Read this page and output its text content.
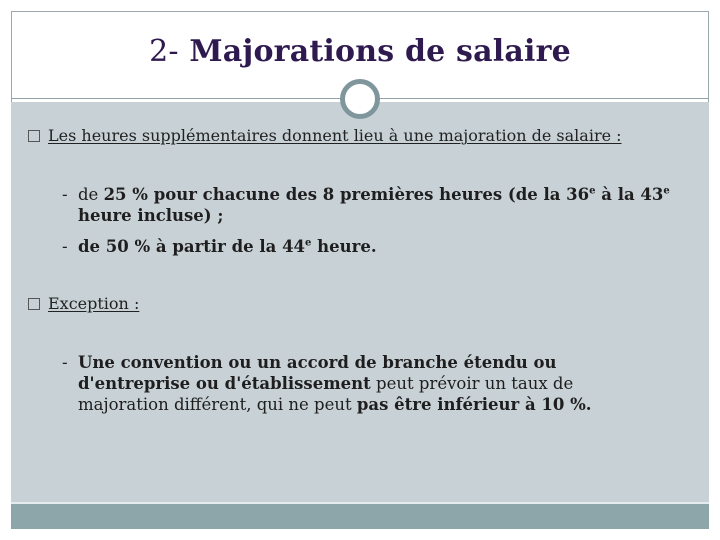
2- Majorations de salaire
Les heures supplémentaires donnent lieu à une majoration de salaire :
- de 25 % pour chacune des 8 premières heures (de la 36e à la 43e heure incluse) ;
- de 50 % à partir de la 44e heure.
Exception :
- Une convention ou un accord de branche étendu ou d'entreprise ou d'établissement peut prévoir un taux de majoration différent, qui ne peut pas être inférieur à 10 %.
